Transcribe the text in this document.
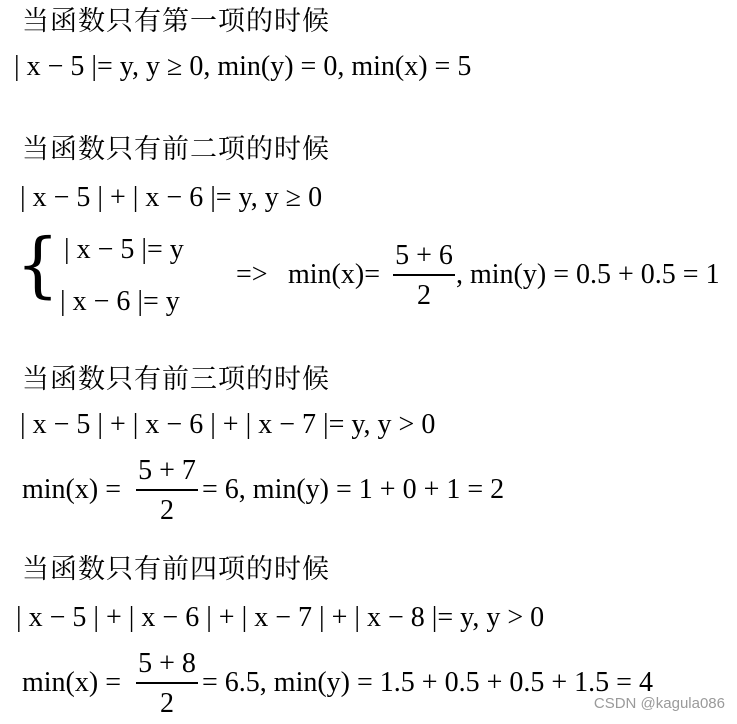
当函数只有第一项的时候
| x − 5 |= y, y ≥ 0, min(y) = 0, min(x) = 5
当函数只有前二项的时候
| x − 5 | + | x − 6 |= y, y ≥ 0
{ | x − 5 |= y
| x − 6 |= y
=> min(x)=
5 + 6
2
, min(y) = 0.5 + 0.5 = 1
当函数只有前三项的时候
| x − 5 | + | x − 6 | + | x − 7 |= y, y > 0
min(x) =
5 + 7
2
= 6, min(y) = 1 + 0 + 1 = 2
当函数只有前四项的时候
| x − 5 | + | x − 6 | + | x − 7 | + | x − 8 |= y, y > 0
min(x) =
5 + 8
2
= 6.5, min(y) = 1.5 + 0.5 + 0.5 + 1.5 = 4
CSDN @kagula086
